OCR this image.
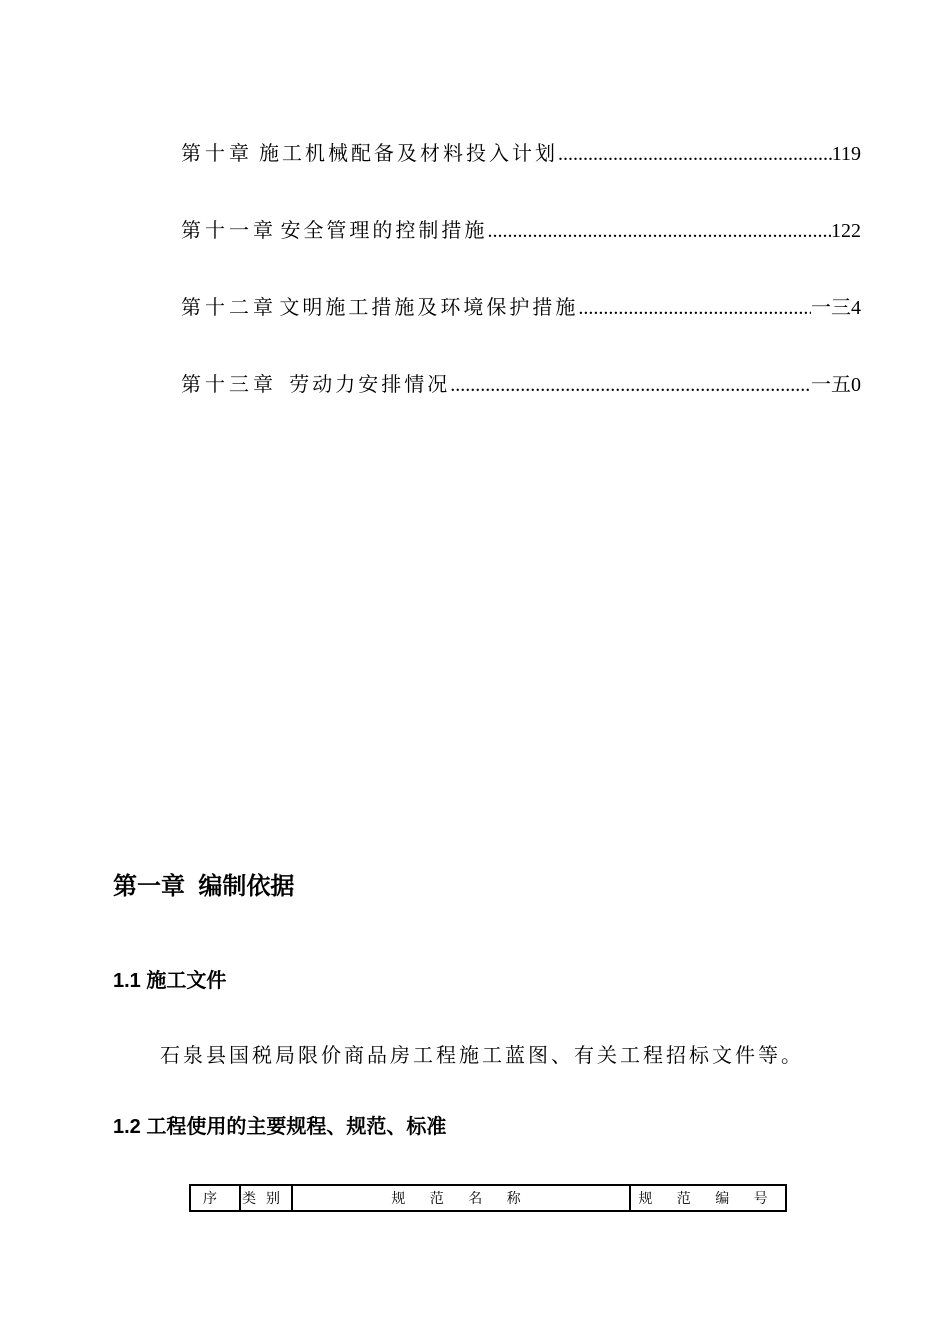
第十章 施工机械配备及材料投入计划 .....	119
第十一章 安全管理的控制措施 .....	122
第十二章 文明施工措施及环境保护措施 .....	一三4
第十三章 劳动力安排情况 .....	一五0
第一章  编制依据
1.1 施工文件
石泉县国税局限价商品房工程施工蓝图、有关工程招标文件等。
1.2 工程使用的主要规程、规范、标准
序	类别	规 范 名 称	规 范 编 号
